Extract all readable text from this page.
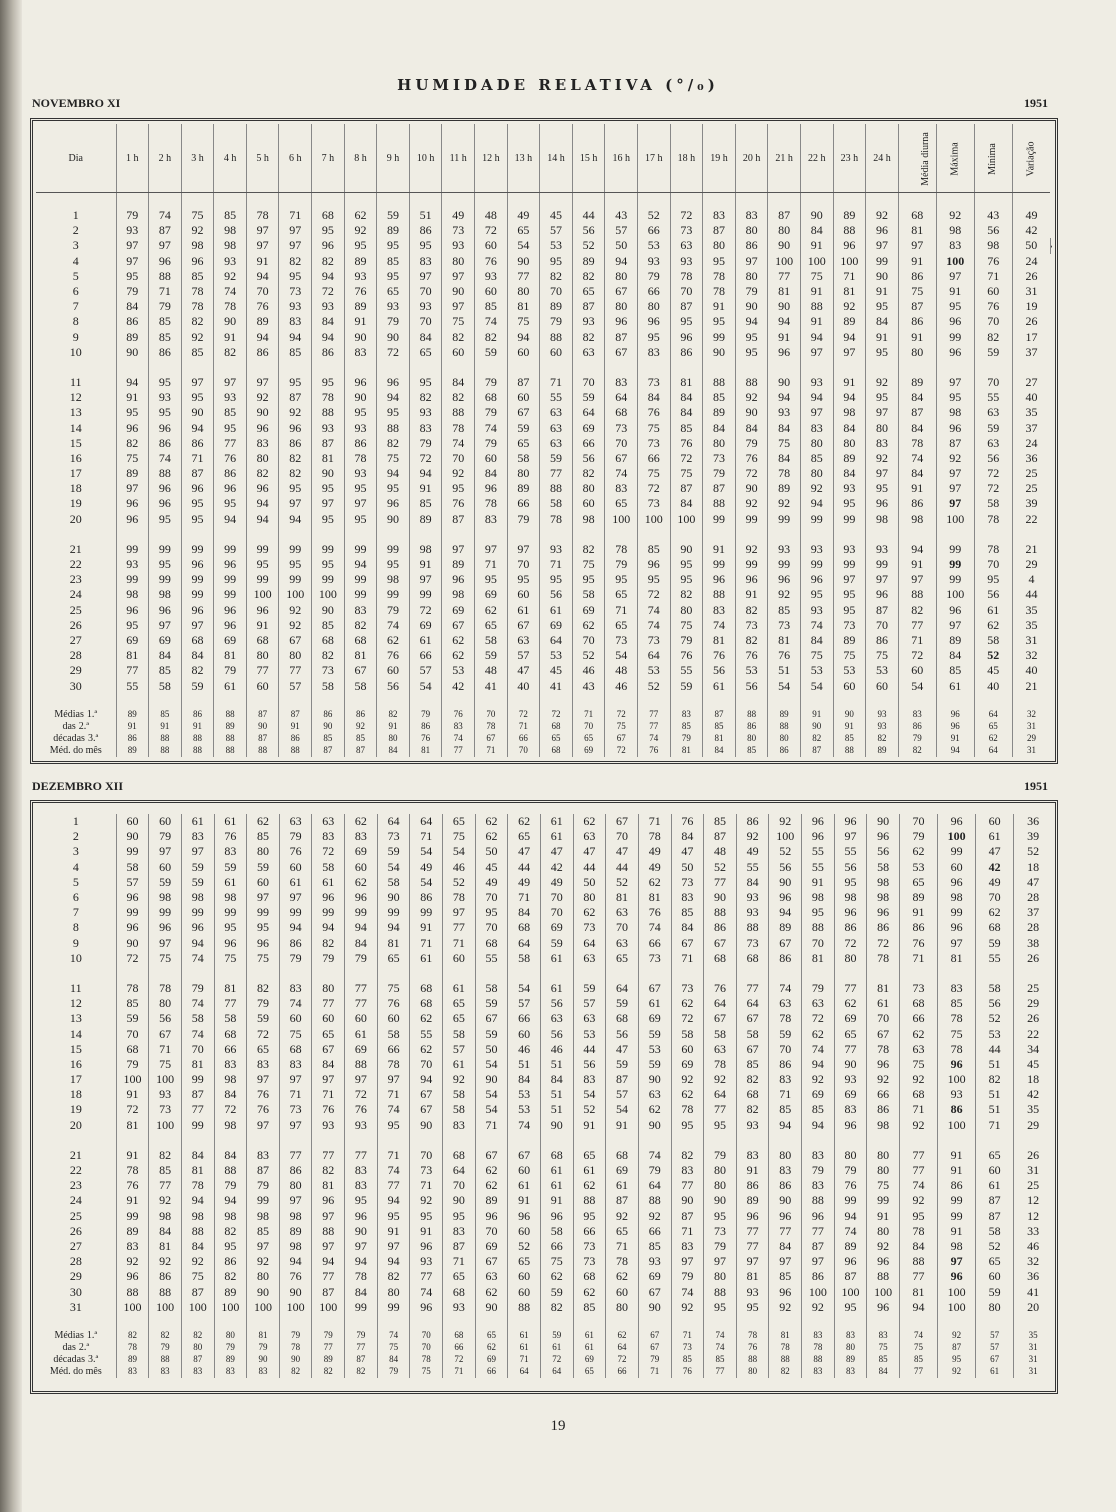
HUMIDADE RELATIVA (°/₀)
NOVEMBRO XI	1951
Dia	1 h	2 h	3 h	4 h	5 h	6 h	7 h	8 h	9 h	10 h	11 h	12 h	13 h	14 h	15 h	16 h	17 h	18 h	19 h	20 h	21 h	22 h	23 h	24 h	Média diurna	Máxima	Mínima	Variação	

1	79	74	75	85	78	71	68	62	59	51	49	48	49	45	44	43	52	72	83	83	87	90	89	92	68	92	43	49	
2	93	87	92	98	97	97	95	92	89	86	73	72	65	57	56	57	66	73	87	80	80	84	88	96	81	98	56	42	
3	97	97	98	98	97	97	96	95	95	95	93	60	54	53	52	50	53	63	80	86	90	91	96	97	97	83	98	50	
4	97	96	96	93	91	82	82	89	85	83	80	76	90	95	89	94	93	93	95	97	100	100	100	99	91	100	76	24	
5	95	88	85	92	94	95	94	93	95	97	97	93	77	82	82	80	79	78	78	80	77	75	71	90	86	97	71	26	
6	79	71	78	74	70	73	72	76	65	70	90	60	80	70	65	67	66	70	78	79	81	91	81	91	75	91	60	31	
7	84	79	78	78	76	93	93	89	93	93	97	85	81	89	87	80	80	87	91	90	90	88	92	95	87	95	76	19	
8	86	85	82	90	89	83	84	91	79	70	75	74	75	79	93	96	96	95	95	94	94	91	89	84	86	96	70	26	
9	89	85	92	91	94	94	94	90	90	84	82	82	94	88	82	87	95	96	99	95	91	94	94	91	91	99	82	17	
10	90	86	85	82	86	85	86	83	72	65	60	59	60	60	63	67	83	86	90	95	96	97	97	95	80	96	59	37	

11	94	95	97	97	97	95	95	96	96	95	84	79	87	71	70	83	73	81	88	88	90	93	91	92	89	97	70	27	
12	91	93	95	93	92	87	78	90	94	82	82	68	60	55	59	64	84	84	85	92	94	94	94	95	84	95	55	40	
13	95	95	90	85	90	92	88	95	95	93	88	79	67	63	64	68	76	84	89	90	93	97	98	97	87	98	63	35	
14	96	96	94	95	96	96	93	93	88	83	78	74	59	63	69	73	75	85	84	84	84	83	84	80	84	96	59	37	
15	82	86	86	77	83	86	87	86	82	79	74	79	65	63	66	70	73	76	80	79	75	80	80	83	78	87	63	24	
16	75	74	71	76	80	82	81	78	75	72	70	60	58	59	56	67	66	72	73	76	84	85	89	92	74	92	56	36	
17	89	88	87	86	82	82	90	93	94	94	92	84	80	77	82	74	75	75	79	72	78	80	84	97	84	97	72	25	
18	97	96	96	96	96	95	95	95	95	91	95	96	89	88	80	83	72	87	87	90	89	92	93	95	91	97	72	25	
19	96	96	95	95	94	97	97	97	96	85	76	78	66	58	60	65	73	84	88	92	92	94	95	96	86	97	58	39	
20	96	95	95	94	94	94	95	95	90	89	87	83	79	78	98	100	100	100	99	99	99	99	99	98	98	100	78	22	

21	99	99	99	99	99	99	99	99	99	98	97	97	97	93	82	78	85	90	91	92	93	93	93	93	94	99	78	21	
22	93	95	96	96	95	95	95	94	95	91	89	71	70	71	75	79	96	95	99	99	99	99	99	99	91	99	70	29	
23	99	99	99	99	99	99	99	99	98	97	96	95	95	95	95	95	95	95	96	96	96	96	97	97	97	99	95	4	
24	98	98	99	99	100	100	100	99	99	99	98	69	60	56	58	65	72	82	88	91	92	95	95	96	88	100	56	44	
25	96	96	96	96	96	92	90	83	79	72	69	62	61	61	69	71	74	80	83	82	85	93	95	87	82	96	61	35	
26	95	97	97	96	91	92	85	82	74	69	67	65	67	69	62	65	74	75	74	73	73	74	73	70	77	97	62	35	
27	69	69	68	69	68	67	68	68	62	61	62	58	63	64	70	73	73	79	81	82	81	84	89	86	71	89	58	31	
28	81	84	84	81	80	80	82	81	76	66	62	59	57	53	52	54	64	76	76	76	76	75	75	75	72	84	52	32	
29	77	85	82	79	77	77	73	67	60	57	53	48	47	45	46	48	53	55	56	53	51	53	53	53	60	85	45	40	
30	55	58	59	61	60	57	58	58	56	54	42	41	40	41	43	46	52	59	61	56	54	54	60	60	54	61	40	21	

Médias 1.ª	89	85	86	88	87	87	86	86	82	79	76	70	72	72	71	72	77	83	87	88	89	91	90	93	83	96	64	32	
das 2.ª	91	91	91	89	90	91	90	92	91	86	83	78	71	68	70	75	77	85	85	86	88	90	91	93	86	96	65	31	
décadas 3.ª	86	88	88	88	87	86	85	85	80	76	74	67	66	65	65	67	74	79	81	80	80	82	85	82	79	91	62	29	
Méd. do mês	89	88	88	88	88	88	87	87	84	81	77	71	70	68	69	72	76	81	84	85	86	87	88	89	82	94	64	31	
DEZEMBRO XII	1951
1	60	60	61	61	62	63	63	62	64	64	65	62	62	61	62	67	71	76	85	86	92	96	96	90	70	96	60	36
2	90	79	83	76	85	79	83	83	73	71	75	62	65	61	63	70	78	84	87	92	100	96	97	96	79	100	61	39
3	99	97	97	83	80	76	72	69	59	54	54	50	47	47	47	47	49	47	48	49	52	55	55	56	62	99	47	52
4	58	60	59	59	59	60	58	60	54	49	46	45	44	42	44	44	49	50	52	55	56	55	56	58	53	60	42	18
5	57	59	59	61	60	61	61	62	58	54	52	49	49	49	50	52	62	73	77	84	90	91	95	98	65	96	49	47
6	96	98	98	98	97	97	96	96	90	86	78	70	71	70	80	81	81	83	90	93	96	98	98	98	89	98	70	28
7	99	99	99	99	99	99	99	99	99	99	97	95	84	70	62	63	76	85	88	93	94	95	96	96	91	99	62	37
8	96	96	96	95	95	94	94	94	94	91	77	70	68	69	73	70	74	84	86	88	89	88	86	86	86	96	68	28
9	90	97	94	96	96	86	82	84	81	71	71	68	64	59	64	63	66	67	67	73	67	70	72	72	76	97	59	38
10	72	75	74	75	75	79	79	79	65	61	60	55	58	61	63	65	73	71	68	68	86	81	80	78	71	81	55	26

11	78	78	79	81	82	83	80	77	75	68	61	58	54	61	59	64	67	73	76	77	74	79	77	81	73	83	58	25
12	85	80	74	77	79	74	77	77	76	68	65	59	57	56	57	59	61	62	64	64	63	63	62	61	68	85	56	29
13	59	56	58	58	59	60	60	60	60	62	65	67	66	63	63	68	69	72	67	67	78	72	69	70	66	78	52	26
14	70	67	74	68	72	75	65	61	58	55	58	59	60	56	53	56	59	58	58	58	59	62	65	67	62	75	53	22
15	68	71	70	66	65	68	67	69	66	62	57	50	46	46	44	47	53	60	63	67	70	74	77	78	63	78	44	34
16	79	75	81	83	83	83	84	88	78	70	61	54	51	51	56	59	59	69	78	85	86	94	90	96	75	96	51	45
17	100	100	99	98	97	97	97	97	97	94	92	90	84	84	83	87	90	92	92	82	83	92	93	92	92	100	82	18
18	91	93	87	84	76	71	71	72	71	67	58	54	53	51	54	57	63	62	64	68	71	69	69	66	68	93	51	42
19	72	73	77	72	76	73	76	76	74	67	58	54	53	51	52	54	62	78	77	82	85	85	83	86	71	86	51	35
20	81	100	99	98	97	97	93	93	95	90	83	71	74	90	91	91	90	95	95	93	94	94	96	98	92	100	71	29

21	91	82	84	84	83	77	77	77	71	70	68	67	67	68	65	68	74	82	79	83	80	83	80	80	77	91	65	26
22	78	85	81	88	87	86	82	83	74	73	64	62	60	61	61	69	79	83	80	91	83	79	79	80	77	91	60	31
23	76	77	78	79	79	80	81	83	77	71	70	62	61	61	62	61	64	77	80	86	86	83	76	75	74	86	61	25
24	91	92	94	94	99	97	96	95	94	92	90	89	91	91	88	87	88	90	90	89	90	88	99	99	92	99	87	12
25	99	98	98	98	98	98	97	96	95	95	95	96	96	96	95	92	92	87	95	96	96	96	94	91	95	99	87	12
26	89	84	88	82	85	89	88	90	91	91	83	70	60	58	66	65	66	71	73	77	77	77	74	80	78	91	58	33
27	83	81	84	95	97	98	97	97	97	96	87	69	52	66	73	71	85	83	79	77	84	87	89	92	84	98	52	46
28	92	92	92	86	92	94	94	94	94	93	71	67	65	75	73	78	93	97	97	97	97	97	96	96	88	97	65	32
29	96	86	75	82	80	76	77	78	82	77	65	63	60	62	68	62	69	79	80	81	85	86	87	88	77	96	60	36
30	88	88	87	89	90	90	87	84	80	74	68	62	60	59	62	60	67	74	88	93	96	100	100	100	81	100	59	41
31	100	100	100	100	100	100	100	99	99	96	93	90	88	82	85	80	90	92	95	95	92	92	95	96	94	100	80	20

Médias 1.ª	82	82	82	80	81	79	79	79	74	70	68	65	61	59	61	62	67	71	74	78	81	83	83	83	74	92	57	35
das 2.ª	78	79	80	79	79	78	77	77	75	70	66	62	61	61	61	64	67	73	74	76	78	78	80	75	75	87	57	31
décadas 3.ª	89	88	87	89	90	90	89	87	84	78	72	69	71	72	69	72	79	85	85	88	88	88	89	85	85	95	67	31
Méd. do mês	83	83	83	83	83	82	82	82	79	75	71	66	64	64	65	66	71	76	77	80	82	83	83	84	77	92	61	31
19
